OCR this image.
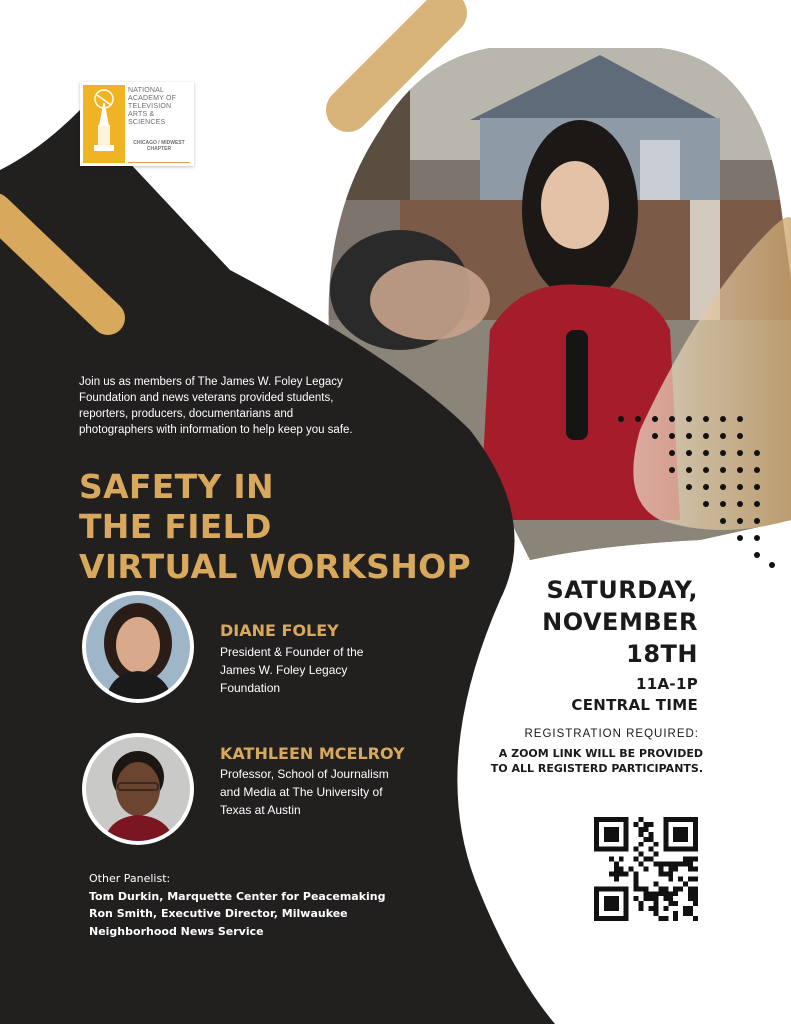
NATIONAL ACADEMY OF TELEVISION ARTS & SCIENCES
CHICAGO / MIDWEST CHAPTER
Join us as members of The James W. Foley Legacy Foundation and news veterans provided students, reporters, producers, documentarians and photographers with information to help keep you safe.
SAFETY IN
THE FIELD
VIRTUAL WORKSHOP
DIANE FOLEY
President & Founder of the James W. Foley Legacy Foundation
KATHLEEN MCELROY
Professor, School of Journalism and Media at The University of Texas at Austin
Other Panelist:
Tom Durkin, Marquette Center for Peacemaking
Ron Smith, Executive Director, Milwaukee Neighborhood News Service
SATURDAY,
NOVEMBER
18TH
11A-1P
CENTRAL TIME
REGISTRATION REQUIRED:
A ZOOM LINK WILL BE PROVIDED TO ALL REGISTERD PARTICIPANTS.
